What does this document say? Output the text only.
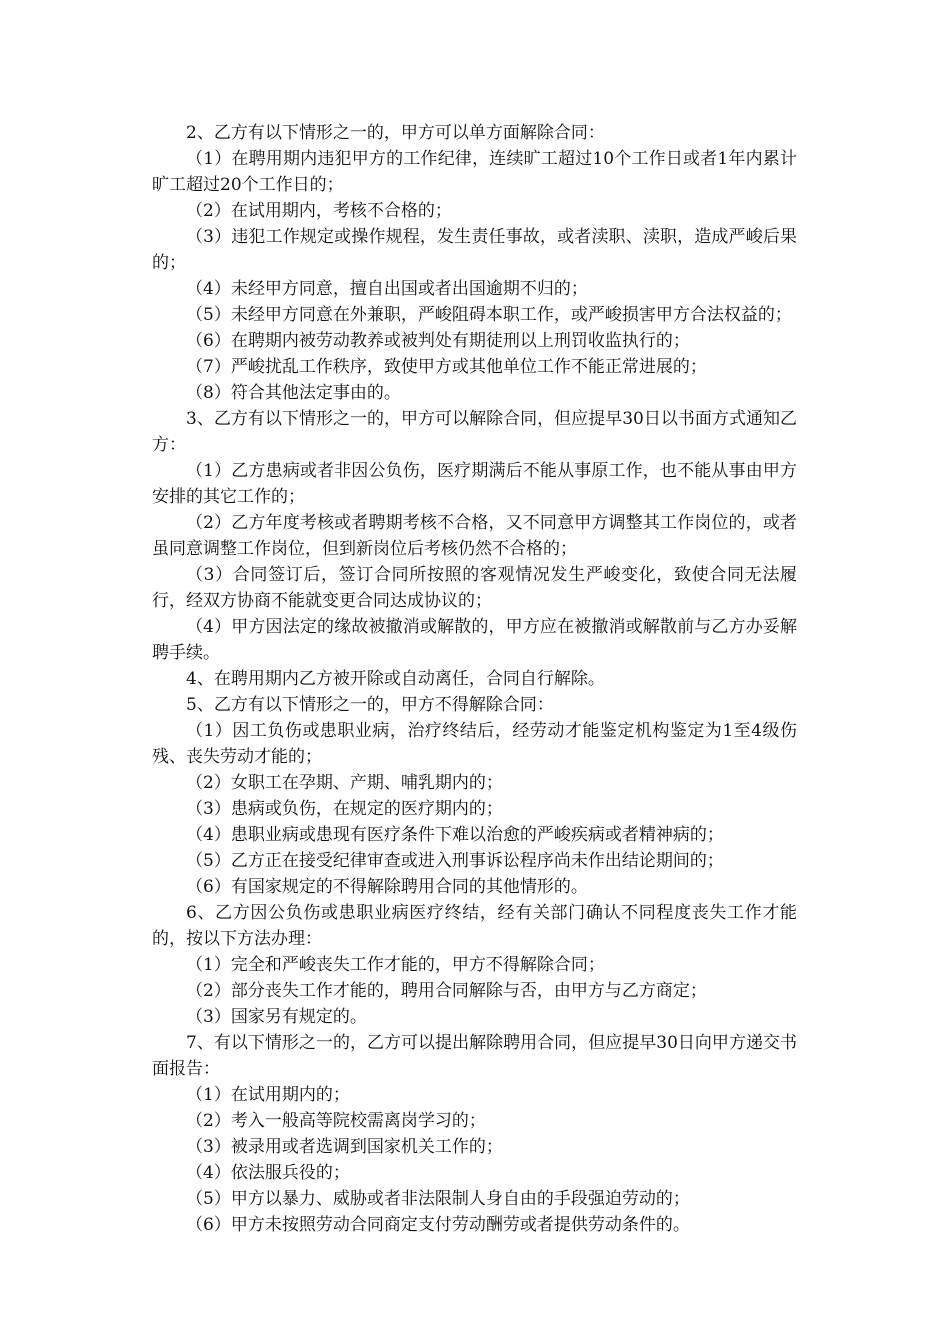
2、乙方有以下情形之一的，甲方可以单方面解除合同：

（1）在聘用期内违犯甲方的工作纪律，连续旷工超过10个工作日或者1年内累计旷工超过20个工作日的；

（2）在试用期内，考核不合格的；

（3）违犯工作规定或操作规程，发生责任事故，或者渎职、渎职，造成严峻后果的；

（4）未经甲方同意，擅自出国或者出国逾期不归的；

（5）未经甲方同意在外兼职，严峻阻碍本职工作，或严峻损害甲方合法权益的；

（6）在聘期内被劳动教养或被判处有期徒刑以上刑罚收监执行的；

（7）严峻扰乱工作秩序，致使甲方或其他单位工作不能正常进展的；

（8）符合其他法定事由的。

3、乙方有以下情形之一的，甲方可以解除合同，但应提早30日以书面方式通知乙方：

（1）乙方患病或者非因公负伤，医疗期满后不能从事原工作，也不能从事由甲方安排的其它工作的；

（2）乙方年度考核或者聘期考核不合格，又不同意甲方调整其工作岗位的，或者虽同意调整工作岗位，但到新岗位后考核仍然不合格的；

（3）合同签订后，签订合同所按照的客观情况发生严峻变化，致使合同无法履行，经双方协商不能就变更合同达成协议的；

（4）甲方因法定的缘故被撤消或解散的，甲方应在被撤消或解散前与乙方办妥解聘手续。

4、在聘用期内乙方被开除或自动离任，合同自行解除。

5、乙方有以下情形之一的，甲方不得解除合同：

（1）因工负伤或患职业病，治疗终结后，经劳动才能鉴定机构鉴定为1至4级伤残、丧失劳动才能的；

（2）女职工在孕期、产期、哺乳期内的；

（3）患病或负伤，在规定的医疗期内的；

（4）患职业病或患现有医疗条件下难以治愈的严峻疾病或者精神病的；

（5）乙方正在接受纪律审查或进入刑事诉讼程序尚未作出结论期间的；

（6）有国家规定的不得解除聘用合同的其他情形的。

6、乙方因公负伤或患职业病医疗终结，经有关部门确认不同程度丧失工作才能的，按以下方法办理：

（1）完全和严峻丧失工作才能的，甲方不得解除合同；

（2）部分丧失工作才能的，聘用合同解除与否，由甲方与乙方商定；

（3）国家另有规定的。

7、有以下情形之一的，乙方可以提出解除聘用合同，但应提早30日向甲方递交书面报告：

（1）在试用期内的；

（2）考入一般高等院校需离岗学习的；

（3）被录用或者选调到国家机关工作的；

（4）依法服兵役的；

（5）甲方以暴力、威胁或者非法限制人身自由的手段强迫劳动的；

（6）甲方未按照劳动合同商定支付劳动酬劳或者提供劳动条件的。
